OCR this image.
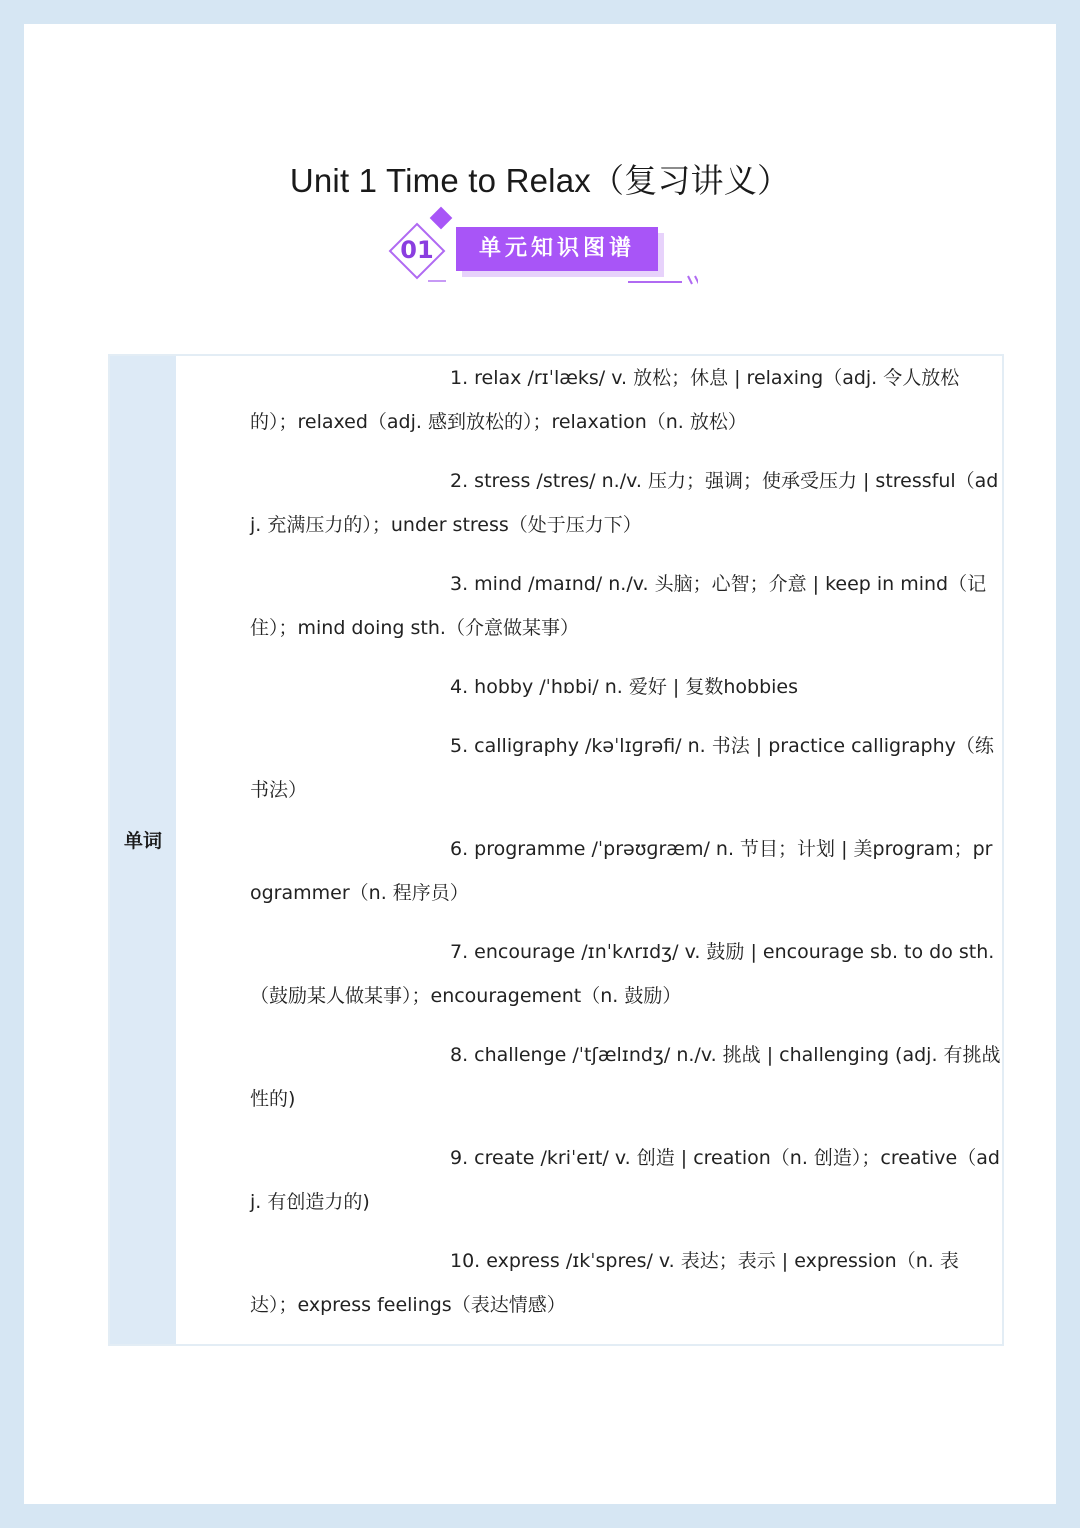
Unit 1 Time to Relax（复习讲义）
01	单元知识图谱
单词

1. relax /rɪˈlæks/ v. 放松；休息 | relaxing（adj. 令人放松的）；relaxed（adj. 感到放松的）；relaxation（n. 放松）

2. stress /stres/ n./v. 压力；强调；使承受压力 | stressful（adj. 充满压力的）；under stress（处于压力下）

3. mind /maɪnd/ n./v. 头脑；心智；介意 | keep in mind（记住）；mind doing sth.（介意做某事）

4. hobby /ˈhɒbi/ n. 爱好 | 复数hobbies

5. calligraphy /kəˈlɪɡrəfi/ n. 书法 | practice calligraphy（练书法）

6. programme /ˈprəʊɡræm/ n. 节目；计划 | 美program；programmer（n. 程序员）

7. encourage /ɪnˈkʌrɪdʒ/ v. 鼓励 | encourage sb. to do sth.（鼓励某人做某事）；encouragement（n. 鼓励）

8. challenge /ˈtʃælɪndʒ/ n./v. 挑战 | challenging (adj. 有挑战性的)

9. create /kriˈeɪt/ v. 创造 | creation（n. 创造）；creative（adj. 有创造力的)

10. express /ɪkˈspres/ v. 表达；表示 | expression（n. 表达）；express feelings（表达情感）
